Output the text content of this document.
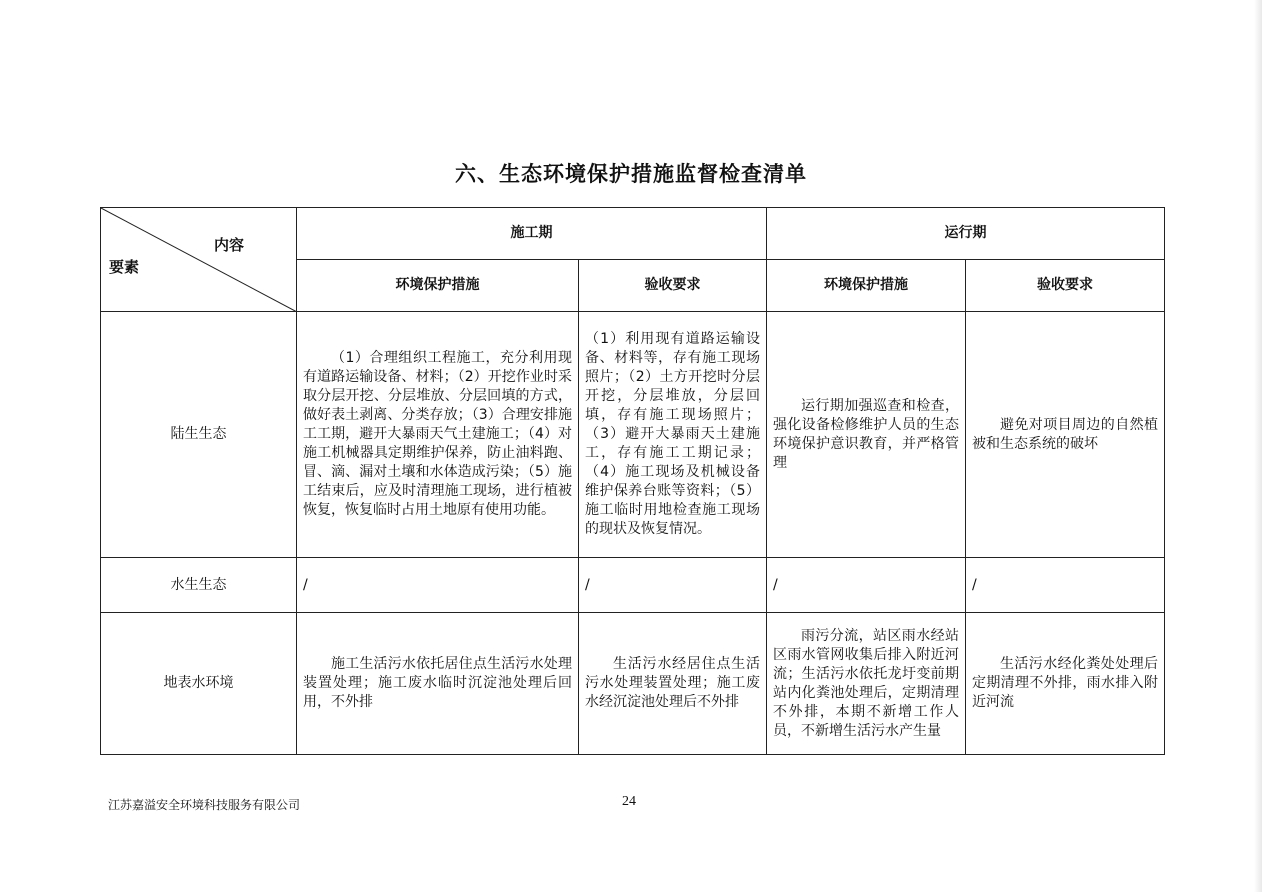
六、生态环境保护措施监督检查清单
内容
要素	施工期		运行期	
	环境保护措施	验收要求	环境保护措施	验收要求
陆生生态	（1）合理组织工程施工，充分利用现有道路运输设备、材料；（2）开挖作业时采取分层开挖、分层堆放、分层回填的方式，做好表土剥离、分类存放；（3）合理安排施工工期，避开大暴雨天气土建施工；（4）对施工机械器具定期维护保养，防止油料跑、冒、滴、漏对土壤和水体造成污染；（5）施工结束后，应及时清理施工现场，进行植被恢复，恢复临时占用土地原有使用功能。	（1）利用现有道路运输设备、材料等，存有施工现场照片；（2）土方开挖时分层开挖，分层堆放，分层回填，存有施工现场照片；（3）避开大暴雨天土建施工，存有施工工期记录；（4）施工现场及机械设备维护保养台账等资料；（5）施工临时用地检查施工现场的现状及恢复情况。	运行期加强巡查和检查，强化设备检修维护人员的生态环境保护意识教育，并严格管理	避免对项目周边的自然植被和生态系统的破坏
水生生态	/	/	/	/
地表水环境	施工生活污水依托居住点生活污水处理装置处理；施工废水临时沉淀池处理后回用，不外排	生活污水经居住点生活污水处理装置处理；施工废水经沉淀池处理后不外排	雨污分流，站区雨水经站区雨水管网收集后排入附近河流；生活污水依托龙圩变前期站内化粪池处理后，定期清理不外排，本期不新增工作人员，不新增生活污水产生量	生活污水经化粪处处理后定期清理不外排，雨水排入附近河流
江苏嘉溢安全环境科技服务有限公司	24
